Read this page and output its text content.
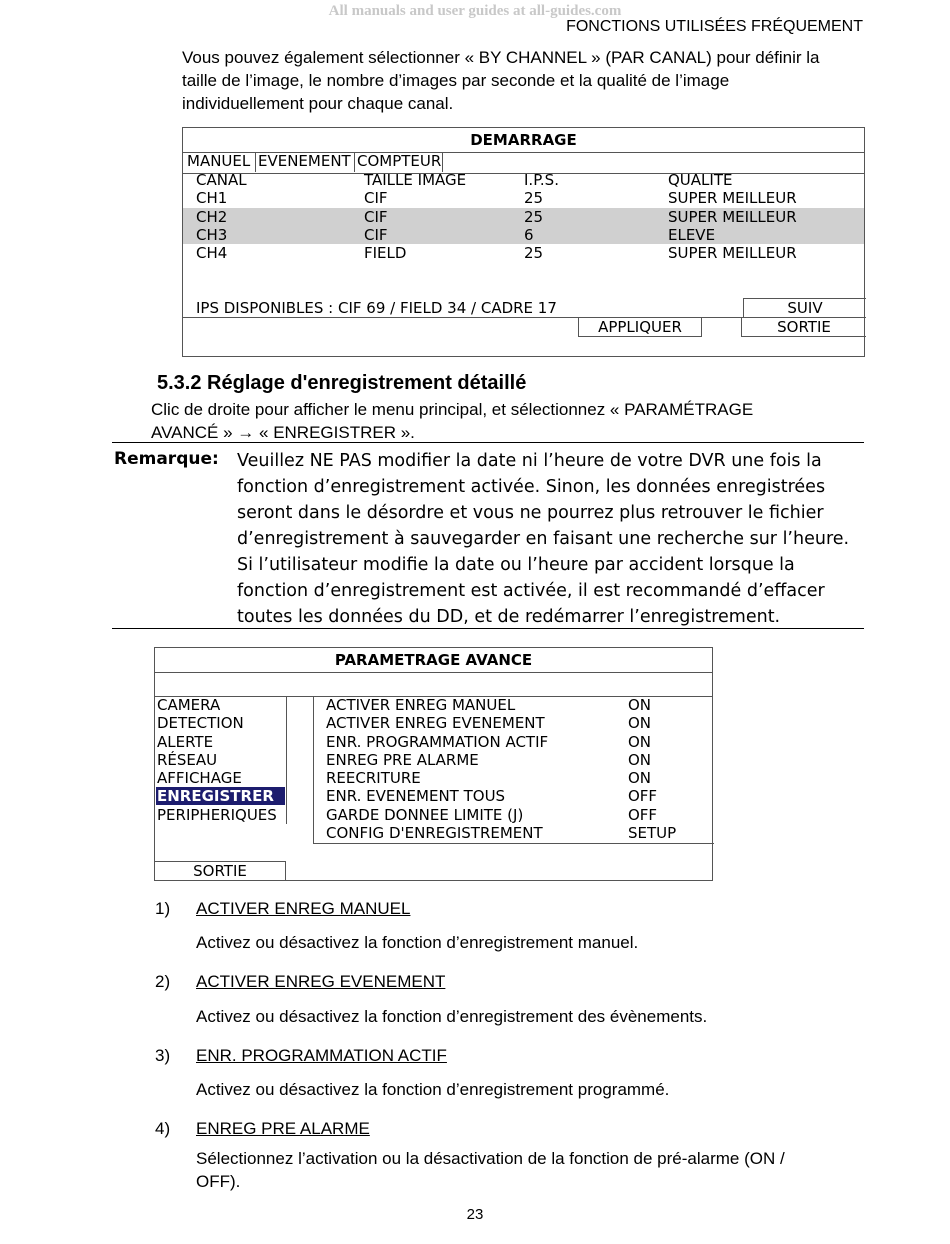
All manuals and user guides at all-guides.com
FONCTIONS UTILISÉES FRÉQUEMENT
Vous pouvez également sélectionner « BY CHANNEL » (PAR CANAL) pour définir la
taille de l’image, le nombre d’images par seconde et la qualité de l’image
individuellement pour chaque canal.
DEMARRAGE
MANUEL EVENEMENT COMPTEUR
CANAL	TAILLE IMAGE	I.P.S.	QUALITE
CH1	CIF	25	SUPER MEILLEUR
CH2	CIF	25	SUPER MEILLEUR
CH3	CIF	6	ELEVE
CH4	FIELD	25	SUPER MEILLEUR
IPS DISPONIBLES : CIF 69 / FIELD 34 / CADRE 17	SUIV
APPLIQUER	SORTIE
5.3.2 Réglage d'enregistrement détaillé
Clic de droite pour afficher le menu principal, et sélectionnez « PARAMÉTRAGE
AVANCÉ » → « ENREGISTRER ».
Remarque: Veuillez NE PAS modifier la date ni l’heure de votre DVR une fois la
fonction d’enregistrement activée. Sinon, les données enregistrées
seront dans le désordre et vous ne pourrez plus retrouver le fichier
d’enregistrement à sauvegarder en faisant une recherche sur l’heure.
Si l’utilisateur modifie la date ou l’heure par accident lorsque la
fonction d’enregistrement est activée, il est recommandé d’effacer
toutes les données du DD, et de redémarrer l’enregistrement.
PARAMETRAGE AVANCE
CAMERA
DETECTION
ALERTE
RÉSEAU
AFFICHAGE
ENREGISTRER
PERIPHERIQUES
ACTIVER ENREG MANUEL	ON
ACTIVER ENREG EVENEMENT	ON
ENR. PROGRAMMATION ACTIF	ON
ENREG PRE ALARME	ON
REECRITURE	ON
ENR. EVENEMENT TOUS	OFF
GARDE DONNEE LIMITE (J)	OFF
CONFIG D'ENREGISTREMENT	SETUP
SORTIE
1) ACTIVER ENREG MANUEL
Activez ou désactivez la fonction d’enregistrement manuel.
2) ACTIVER ENREG EVENEMENT
Activez ou désactivez la fonction d’enregistrement des évènements.
3) ENR. PROGRAMMATION ACTIF
Activez ou désactivez la fonction d’enregistrement programmé.
4) ENREG PRE ALARME
Sélectionnez l’activation ou la désactivation de la fonction de pré-alarme (ON /
OFF).
23
